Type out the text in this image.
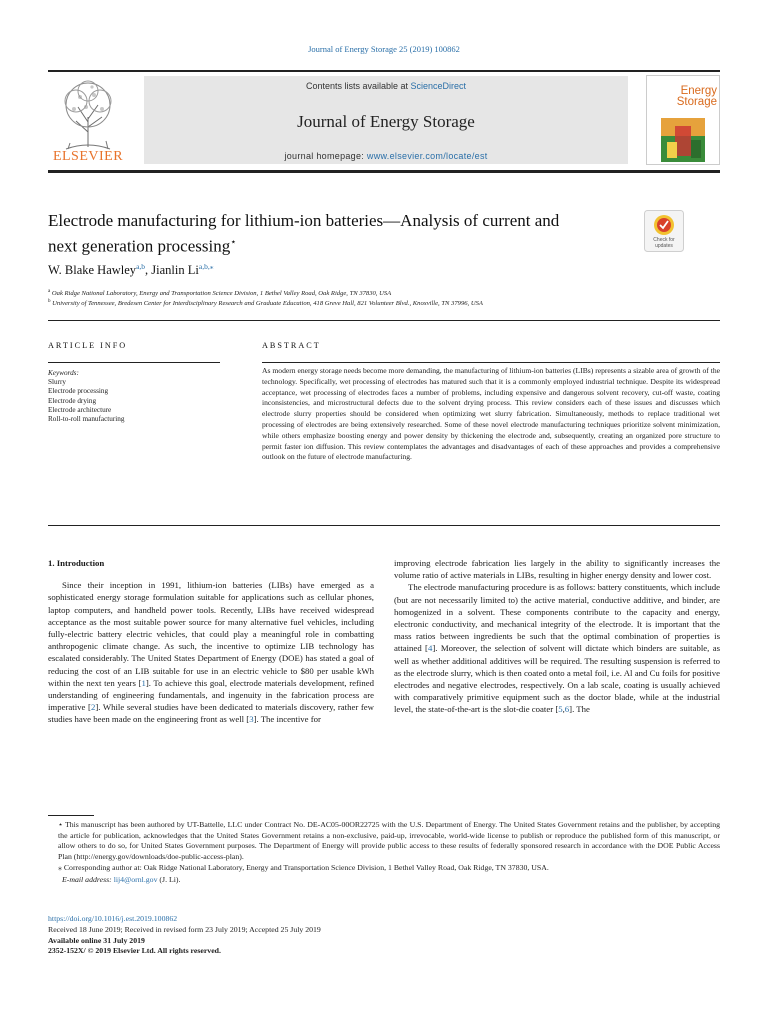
Journal of Energy Storage 25 (2019) 100862
ELSEVIER
Contents lists available at ScienceDirect
Journal of Energy Storage
journal homepage: www.elsevier.com/locate/est
Energy
Storage
Electrode manufacturing for lithium-ion batteries—Analysis of current and
next generation processing⋆	Check for
updates
W. Blake Hawley$^{a,b}$, Jianlin $Li^{a,b,⁎}$
$^a$ Oak Ridge National Laboratory, Energy and Transportation Science Division, 1 Bethel Valley Road, Oak Ridge, TN 37830, USA
$^b$ University of Tennessee, Bredesen Center for Interdisciplinary Research and Graduate Education, 418 Greve Hall, 821 Volunteer Blvd., Knoxville, TN 37996, USA
ARTICLE INFO	ABSTRACT
Keywords:
Slurry
Electrode processing
Electrode drying
Electrode architecture
Roll-to-roll manufacturing
As modern energy storage needs become more demanding, the manufacturing of lithium-ion batteries (LIBs) represents a sizable area of growth of the technology. Specifically, wet processing of electrodes has matured such that it is a commonly employed industrial technique. Despite its widespread acceptance, wet processing of electrodes faces a number of problems, including expensive and dangerous solvent recovery, cut-off waste, coating inconsistencies, and microstructural defects due to the solvent drying process. This review considers each of these issues and discusses which electrode slurry properties should be considered when optimizing wet slurry fabrication. Simultaneously, methods to replace traditional wet processing of electrodes are being extensively researched. Some of these novel electrode manufacturing techniques prioritize solvent minimization, while others emphasize boosting energy and power density by thickening the electrode and, subsequently, creating an organized pore structure to permit faster ion diffusion. This review contemplates the advantages and disadvantages of each of these approaches and provides a comprehensive outlook on the future of electrode manufacturing.
1. Introduction

Since their inception in 1991, lithium-ion batteries (LIBs) have emerged as a sophisticated energy storage formulation suitable for applications such as cellular phones, laptop computers, and handheld power tools. Recently, LIBs have received widespread acceptance as the most suitable power source for many alternative fuel vehicles, including fully-electric battery electric vehicles, that could play a meaningful role in combatting anthropogenic climate change. As such, the incentive to optimize LIB technology has escalated considerably. The United States Department of Energy (DOE) has stated a goal of reducing the cost of an LIB suitable for use in an electric vehicle to $80 per usable kWh within the next ten years [1]. To achieve this goal, electrode materials development, refined understanding of engineering fundamentals, and ingenuity in the fabrication process are imperative [2]. While several studies have been dedicated to materials discovery, rather few studies have been made on the engineering front as well [3]. The incentive for

improving electrode fabrication lies largely in the ability to significantly increases the volume ratio of active materials in LIBs, resulting in higher energy density and lower cost.

The electrode manufacturing procedure is as follows: battery constituents, which include (but are not necessarily limited to) the active material, conductive additive, and binder, are homogenized in a solvent. These components contribute to the capacity and energy, electronic conductivity, and mechanical integrity of the electrode. It is important that the mass ratios between ingredients be such that the optimal combination of properties is attained [4]. Moreover, the selection of solvent will dictate which binders are suitable, as well as whether additional additives will be required. The resulting suspension is referred to as the electrode slurry, which is then coated onto a metal foil, i.e. Al and Cu foils for positive electrodes and negative electrodes, respectively. On a lab scale, coating is usually achieved with comparatively primitive equipment such as the doctor blade, while at the industrial level, the state-of-the-art is the slot-die coater [5,6]. The

⋆ This manuscript has been authored by UT-Battelle, LLC under Contract No. DE-AC05-00OR22725 with the U.S. Department of Energy. The United States Government retains and the publisher, by accepting the article for publication, acknowledges that the United States Government retains a non-exclusive, paid-up, irrevocable, world-wide license to publish or reproduce the published form of this manuscript, or allow others to do so, for United States Government purposes. The Department of Energy will provide public access to these results of federally sponsored research in accordance with the DOE Public Access Plan (http://energy.gov/downloads/doe-public-access-plan).

⁎ Corresponding author at: Oak Ridge National Laboratory, Energy and Transportation Science Division, 1 Bethel Valley Road, Oak Ridge, TN 37830, USA.

E-mail address: lij4@ornl.gov (J. Li).

https://doi.org/10.1016/j.est.2019.100862
Received 18 June 2019; Received in revised form 23 July 2019; Accepted 25 July 2019
Available online 31 July 2019
2352-152X/ © 2019 Elsevier Ltd. All rights reserved.
